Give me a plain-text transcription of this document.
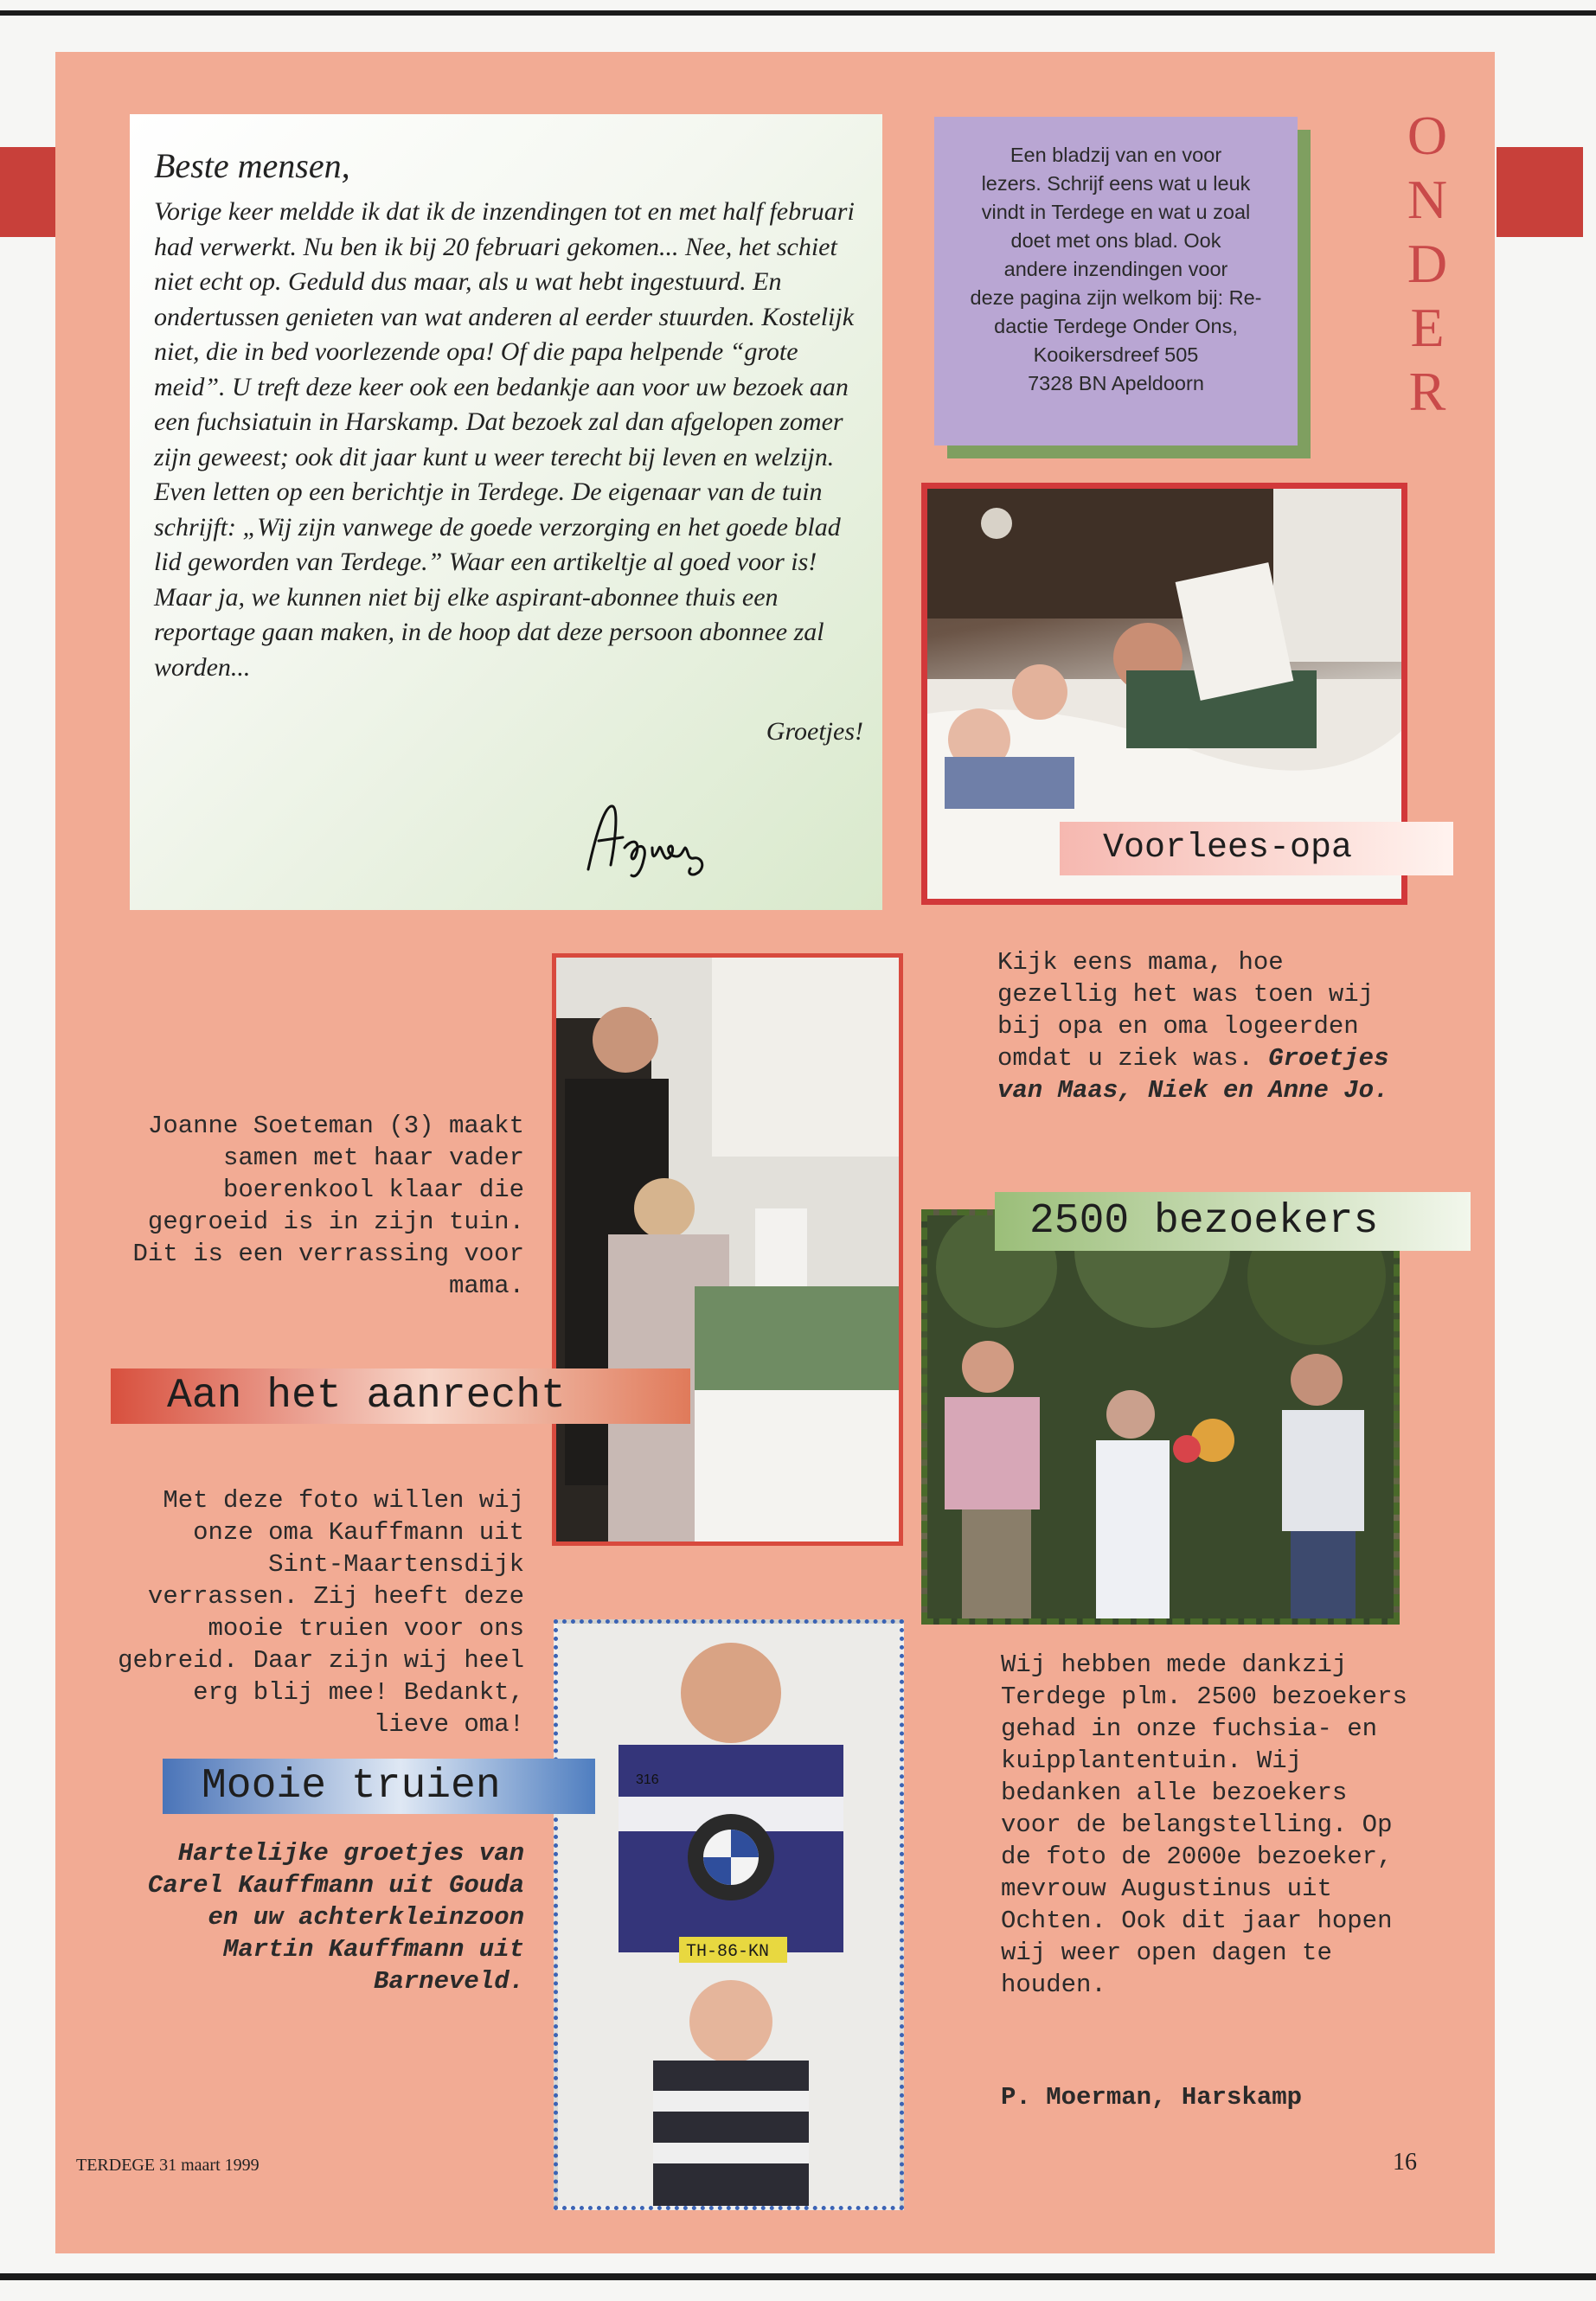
Beste mensen,

Vorige keer meldde ik dat ik de inzendingen tot en met half februari had verwerkt. Nu ben ik bij 20 februari gekomen... Nee, het schiet niet echt op. Geduld dus maar, als u wat hebt ingestuurd. En ondertussen genieten van wat anderen al eerder stuurden. Kostelijk niet, die in bed voorlezende opa! Of die papa helpende “grote meid”. U treft deze keer ook een bedankje aan voor uw bezoek aan een fuchsiatuin in Harskamp. Dat bezoek zal dan afgelopen zomer zijn geweest; ook dit jaar kunt u weer terecht bij leven en welzijn. Even letten op een berichtje in Terdege. De eigenaar van de tuin schrijft: „Wij zijn vanwege de goede verzorging en het goede blad lid geworden van Terdege.” Waar een artikeltje al goed voor is! Maar ja, we kunnen niet bij elke aspirant-abonnee thuis een reportage gaan maken, in de hoop dat deze persoon abonnee zal worden...

Groetjes!
Een bladzij van en voor
lezers. Schrijf eens wat u leuk
vindt in Terdege en wat u zoal
doet met ons blad. Ook
andere inzendingen voor
deze pagina zijn welkom bij: Re-
dactie Terdege Onder Ons,
Kooikersdreef 505
7328 BN Apeldoorn
O
N
D
E
R
Voorlees-opa
Kijk eens mama, hoe gezellig het was toen wij bij opa en oma logeerden omdat u ziek was. Groetjes van Maas, Niek en Anne Jo.
Joanne Soeteman (3) maakt samen met haar vader boerenkool klaar die gegroeid is in zijn tuin. Dit is een verrassing voor mama.
Aan het aanrecht
Met deze foto willen wij onze oma Kauffmann uit Sint-Maartensdijk verrassen. Zij heeft deze mooie truien voor ons gebreid. Daar zijn wij heel erg blij mee! Bedankt, lieve oma!
2500 bezoekers
Wij hebben mede dankzij Terdege plm. 2500 bezoekers gehad in onze fuchsia- en kuipplantentuin. Wij bedanken alle bezoekers voor de belangstelling. Op de foto de 2000e bezoeker, mevrouw Augustinus uit Ochten. Ook dit jaar hopen wij weer open dagen te houden.
P. Moerman, Harskamp
316
TH-86-KN
Mooie truien
Hartelijke groetjes van Carel Kauffmann uit Gouda en uw achterkleinzoon Martin Kauffmann uit Barneveld.
TERDEGE 31 maart 1999	16
